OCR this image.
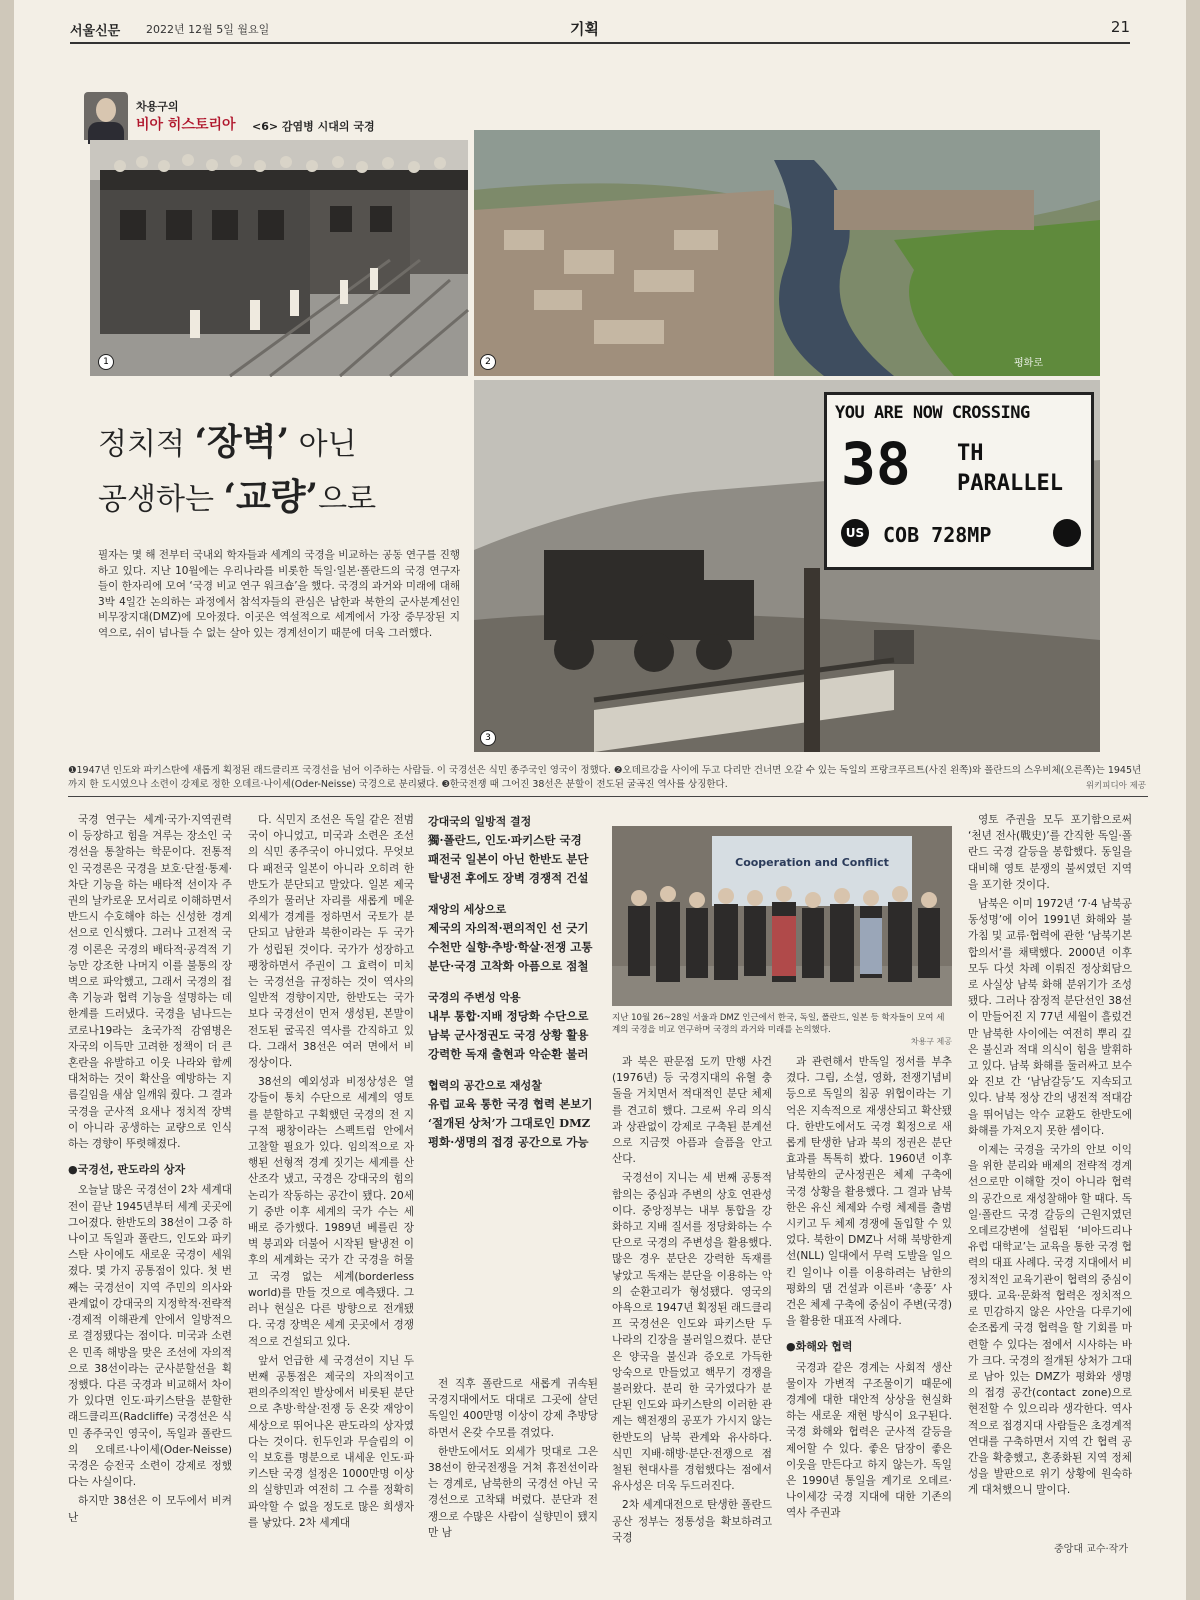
서울신문 2022년 12월 5일 월요일	기획	21
차용구의
비아 히스토리아 <6> 감염병 시대의 국경
1	평화로
2
YOU ARE NOW CROSSING
38 TH
PARALLEL
US COB 728MP
3
정치적 ‘장벽’ 아닌
공생하는 ‘교량’으로
필자는 몇 해 전부터 국내외 학자들과 세계의 국경을 비교하는 공동 연구를 진행하고 있다. 지난 10월에는 우리나라를 비롯한 독일·일본·폴란드의 국경 연구자들이 한자리에 모여 ‘국경 비교 연구 워크숍’을 했다. 국경의 과거와 미래에 대해 3박 4일간 논의하는 과정에서 참석자들의 관심은 남한과 북한의 군사분계선인 비무장지대(DMZ)에 모아졌다. 이곳은 역설적으로 세계에서 가장 중무장된 지역으로, 쉬이 넘나들 수 없는 살아 있는 경계선이기 때문에 더욱 그러했다.
❶1947년 인도와 파키스탄에 새롭게 획정된 래드클리프 국경선을 넘어 이주하는 사람들. 이 국경선은 식민 종주국인 영국이 정했다. ❷오데르강을 사이에 두고 다리만 건너면 오갈 수 있는 독일의 프랑크푸르트(사진 왼쪽)와 폴란드의 스우비체(오른쪽)는 1945년까지 한 도시였으나 소련이 강제로 정한 오데르·나이세(Oder-Neisse) 국경으로 분리됐다. ❸한국전쟁 때 그어진 38선은 분할이 전도된 굴곡진 역사를 상징한다.	위키피디아 제공

국경 연구는 세계·국가·지역권력이 등장하고 힘을 겨루는 장소인 국경선을 통찰하는 학문이다. 전통적인 국경론은 국경을 보호·단절·통제·차단 기능을 하는 배타적 선이자 주권의 날카로운 모서리로 이해하면서 반드시 수호해야 하는 신성한 경계선으로 인식했다. 그러나 고전적 국경 이론은 국경의 배타적·공격적 기능만 강조한 나머지 이를 불통의 장벽으로 파악했고, 그래서 국경의 접촉 기능과 협력 기능을 설명하는 데 한계를 드러냈다. 국경을 넘나드는 코로나19라는 초국가적 감염병은 자국의 이득만 고려한 정책이 더 큰 혼란을 유발하고 이웃 나라와 함께 대처하는 것이 확산을 예방하는 지름길임을 새삼 일깨워 줬다. 그 결과 국경을 군사적 요새나 정치적 장벽이 아니라 공생하는 교량으로 인식하는 경향이 뚜렷해졌다.

●국경선, 판도라의 상자

오늘날 많은 국경선이 2차 세계대전이 끝난 1945년부터 세계 곳곳에 그어졌다. 한반도의 38선이 그중 하나이고 독일과 폴란드, 인도와 파키스탄 사이에도 새로운 국경이 세워졌다. 몇 가지 공통점이 있다. 첫 번째는 국경선이 지역 주민의 의사와 관계없이 강대국의 지정학적·전략적·경제적 이해관계 안에서 일방적으로 결정됐다는 점이다. 미국과 소련은 민족 해방을 맞은 조선에 자의적으로 38선이라는 군사분할선을 획정했다. 다른 국경과 비교해서 차이가 있다면 인도·파키스탄을 분할한 래드클리프(Radcliffe) 국경선은 식민 종주국인 영국이, 독일과 폴란드의 오데르·나이세(Oder-Neisse) 국경은 승전국 소련이 강제로 정했다는 사실이다.

하지만 38선은 이 모두에서 비켜난

다. 식민지 조선은 독일 같은 전범국이 아니었고, 미국과 소련은 조선의 식민 종주국이 아니었다. 무엇보다 패전국 일본이 아니라 오히려 한반도가 분단되고 말았다. 일본 제국주의가 물러난 자리를 새롭게 메운 외세가 경계를 정하면서 국토가 분단되고 남한과 북한이라는 두 국가가 성립된 것이다. 국가가 성장하고 팽창하면서 주권이 그 효력이 미치는 국경선을 규정하는 것이 역사의 일반적 경향이지만, 한반도는 국가보다 국경선이 먼저 생성된, 본말이 전도된 굴곡진 역사를 간직하고 있다. 그래서 38선은 여러 면에서 비정상이다.

38선의 예외성과 비정상성은 열강들이 통치 수단으로 세계의 영토를 분할하고 구획했던 국경의 전 지구적 팽창이라는 스펙트럼 안에서 고찰할 필요가 있다. 임의적으로 자행된 선형적 경계 짓기는 세계를 산산조각 냈고, 국경은 강대국의 힘의 논리가 작동하는 공간이 됐다. 20세기 중반 이후 세계의 국가 수는 세 배로 증가했다. 1989년 베를린 장벽 붕괴와 더불어 시작된 탈냉전 이후의 세계화는 국가 간 국경을 허물고 국경 없는 세계(borderless world)를 만들 것으로 예측됐다. 그러나 현실은 다른 방향으로 전개됐다. 국경 장벽은 세계 곳곳에서 경쟁적으로 건설되고 있다.

앞서 언급한 세 국경선이 지닌 두 번째 공통점은 제국의 자의적이고 편의주의적인 발상에서 비롯된 분단으로 추방·학살·전쟁 등 온갖 재앙이 세상으로 뛰어나온 판도라의 상자였다는 것이다. 힌두인과 무슬림의 이익 보호를 명분으로 내세운 인도·파키스탄 국경 설정은 1000만명 이상의 실향민과 여전히 그 수를 정확히 파악할 수 없을 정도로 많은 희생자를 낳았다. 2차 세계대

강대국의 일방적 결정
獨·폴란드, 인도·파키스탄 국경
패전국 일본이 아닌 한반도 분단
탈냉전 후에도 장벽 경쟁적 건설
재앙의 세상으로
제국의 자의적·편의적인 선 긋기
수천만 실향·추방·학살·전쟁 고통
분단·국경 고착화 아픔으로 점철
국경의 주변성 악용
내부 통합·지배 정당화 수단으로
남북 군사정권도 국경 상황 활용
강력한 독재 출현과 악순환 불러
협력의 공간으로 재성찰
유럽 교육 통한 국경 협력 본보기
‘절개된 상처’가 그대로인 DMZ
평화·생명의 접경 공간으로 가능

전 직후 폴란드로 새롭게 귀속된 국경지대에서도 대대로 그곳에 살던 독일인 400만명 이상이 강제 추방당하면서 온갖 수모를 겪었다.

한반도에서도 외세가 멋대로 그은 38선이 한국전쟁을 거쳐 휴전선이라는 경계로, 남북한의 국경선 아닌 국경선으로 고착돼 버렸다. 분단과 전쟁으로 수많은 사람이 실향민이 됐지만 남

Cooperation and Conflict
지난 10월 26~28일 서울과 DMZ 인근에서 한국, 독일, 폴란드, 일본 등 학자들이 모여 세계의 국경을 비교 연구하며 국경의 과거와 미래를 논의했다.
차용구 제공

과 북은 판문점 도끼 만행 사건(1976년) 등 국경지대의 유혈 충돌을 거치면서 적대적인 분단 체제를 견고히 했다. 그로써 우리 의식과 상관없이 강제로 구축된 분계선으로 지금껏 아픔과 슬픔을 안고 산다.

국경선이 지니는 세 번째 공통적 함의는 중심과 주변의 상호 연관성이다. 중앙정부는 내부 통합을 강화하고 지배 질서를 정당화하는 수단으로 국경의 주변성을 활용했다. 많은 경우 분단은 강력한 독재를 낳았고 독재는 분단을 이용하는 악의 순환고리가 형성됐다. 영국의 야욕으로 1947년 획정된 래드클리프 국경선은 인도와 파키스탄 두 나라의 긴장을 불러일으켰다. 분단은 양국을 불신과 증오로 가득한 앙숙으로 만들었고 핵무기 경쟁을 불러왔다. 분리 한 국가였다가 분단된 인도와 파키스탄의 이러한 관계는 핵전쟁의 공포가 가시지 않는 한반도의 남북 관계와 유사하다. 식민 지배·해방·분단·전쟁으로 점철된 현대사를 경험했다는 점에서 유사성은 더욱 두드러진다.

2차 세계대전으로 탄생한 폴란드 공산 정부는 정통성을 확보하려고 국경

과 관련해서 반독일 정서를 부추겼다. 그림, 소설, 영화, 전쟁기념비 등으로 독일의 침공 위협이라는 기억은 지속적으로 재생산되고 확산됐다. 한반도에서도 국경 획정으로 새롭게 탄생한 남과 북의 정권은 분단 효과를 톡톡히 봤다. 1960년 이후 남북한의 군사정권은 체제 구축에 국경 상황을 활용했다. 그 결과 남북한은 유신 체제와 수령 체제를 출범시키고 두 체제 경쟁에 돌입할 수 있었다. 북한이 DMZ나 서해 북방한계선(NLL) 일대에서 무력 도발을 일으킨 일이나 이를 이용하려는 남한의 평화의 댐 건설과 이른바 ‘총풍’ 사건은 체제 구축에 중심이 주변(국경)을 활용한 대표적 사례다.

●화해와 협력

국경과 같은 경계는 사회적 생산물이자 가변적 구조물이기 때문에 경계에 대한 대안적 상상을 현실화하는 새로운 재현 방식이 요구된다. 국경 화해와 협력은 군사적 갈등을 제어할 수 있다. 좋은 담장이 좋은 이웃을 만든다고 하지 않는가. 독일은 1990년 통일을 계기로 오데르·나이세강 국경 지대에 대한 기존의 역사 주권과

영토 주권을 모두 포기함으로써 ‘천년 전사(戰史)’를 간직한 독일·폴란드 국경 갈등을 봉합했다. 동일을 대비해 영토 분쟁의 불씨였던 지역을 포기한 것이다.

남북은 이미 1972년 ‘7·4 남북공동성명’에 이어 1991년 화해와 불가침 및 교류·협력에 관한 ‘남북기본합의서’를 채택했다. 2000년 이후 모두 다섯 차례 이뤄진 정상회담으로 사실상 남북 화해 분위기가 조성됐다. 그러나 잠정적 분단선인 38선이 만들어진 지 77년 세월이 흘렀건만 남북한 사이에는 여전히 뿌리 깊은 불신과 적대 의식이 힘을 발휘하고 있다. 남북 화해를 둘러싸고 보수와 진보 간 ‘남남갈등’도 지속되고 있다. 남북 정상 간의 냉전적 적대감을 뛰어넘는 악수 교환도 한반도에 화해를 가져오지 못한 셈이다.

이제는 국경을 국가의 안보 이익을 위한 분리와 배제의 전략적 경계선으로만 이해할 것이 아니라 협력의 공간으로 재성찰해야 할 때다. 독일·폴란드 국경 갈등의 근원지였던 오데르강변에 설립된 ‘비아드리나 유럽 대학교’는 교육을 통한 국경 협력의 대표 사례다. 국경 지대에서 비정치적인 교육기관이 협력의 중심이 됐다. 교육·문화적 협력은 정치적으로 민감하지 않은 사안을 다루기에 순조롭게 국경 협력을 할 기회를 마련할 수 있다는 점에서 시사하는 바가 크다. 국경의 절개된 상처가 그대로 남아 있는 DMZ가 평화와 생명의 접경 공간(contact zone)으로 현전할 수 있으리라 생각한다. 역사적으로 접경지대 사람들은 초경계적 연대를 구축하면서 지역 간 협력 공간을 확충했고, 혼종화된 지역 정체성을 발판으로 위기 상황에 원숙하게 대처했으니 말이다.

중앙대 교수·작가
